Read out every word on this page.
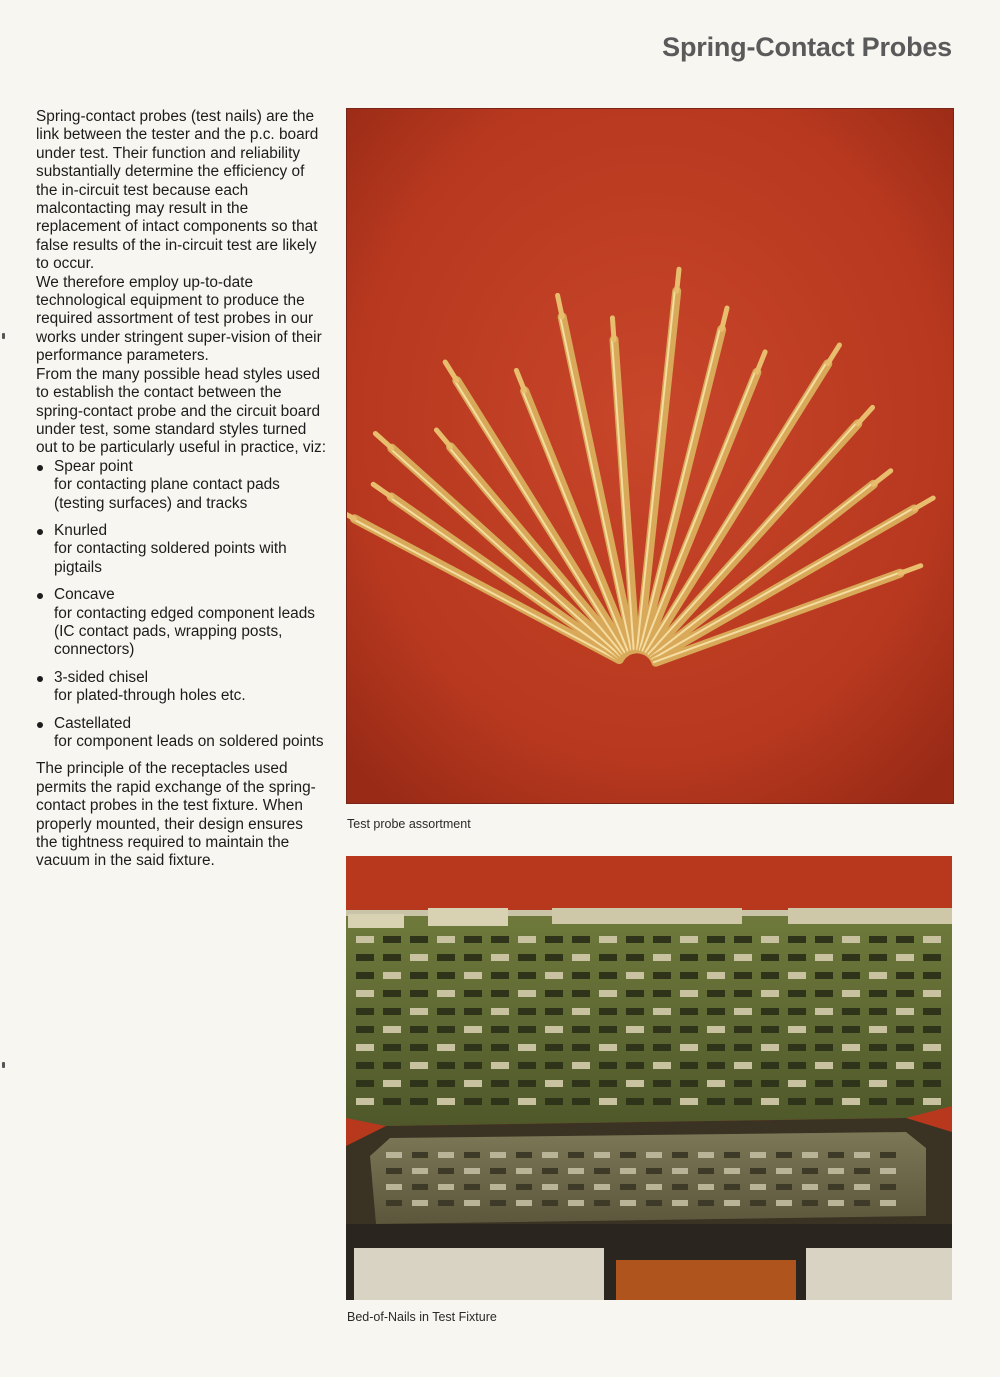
Spring-Contact Probes

Spring-contact probes (test nails) are the link between the tester and the p.c. board under test. Their function and reliability substantially determine the efficiency of the in-circuit test because each malcontacting may result in the replacement of intact components so that false results of the in-circuit test are likely to occur.

We therefore employ up-to-date technological equipment to produce the required assortment of test probes in our works under stringent super-vision of their performance parameters.

From the many possible head styles used to establish the contact between the spring-contact probe and the circuit board under test, some standard styles turned out to be particularly useful in practice, viz:

Spear point
for contacting plane contact pads (testing surfaces) and tracks
Knurled
for contacting soldered points with pigtails
Concave
for contacting edged component leads (IC contact pads, wrapping posts, connectors)
3-sided chisel
for plated-through holes etc.
Castellated
for component leads on soldered points

The principle of the receptacles used permits the rapid exchange of the spring-contact probes in the test fixture. When properly mounted, their design ensures the tightness required to maintain the vacuum in the said fixture.

Test probe assortment
Bed-of-Nails in Test Fixture
